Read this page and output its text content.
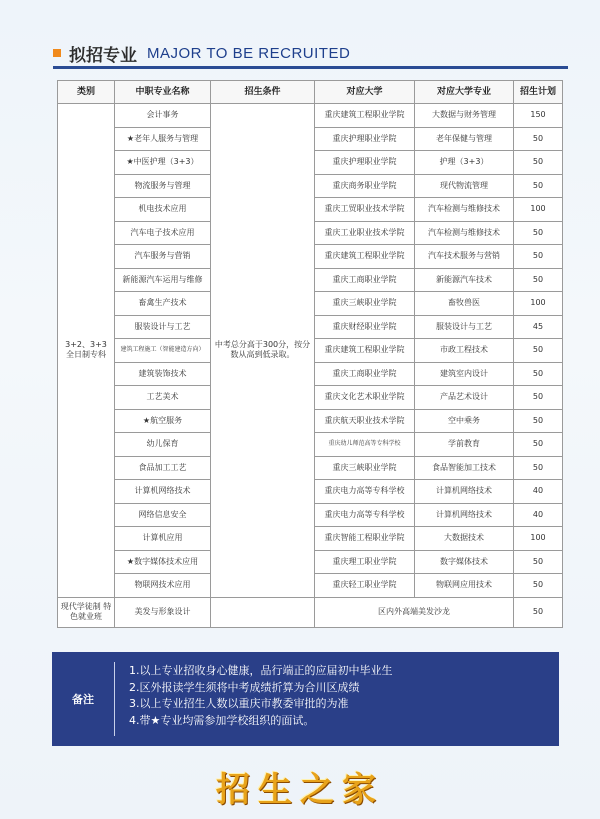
拟招专业 MAJOR TO BE RECRUITED
类别	中职专业名称	招生条件	对应大学	对应大学专业	招生计划
3+2、3+3 全日制专科	会计事务	中考总分高于300分，按分数从高到低录取。	重庆建筑工程职业学院	大数据与财务管理	150
	★老年人服务与管理		重庆护理职业学院	老年保健与管理	50
	★中医护理（3+3）		重庆护理职业学院	护理（3+3）	50
	物流服务与管理		重庆商务职业学院	现代物流管理	50
	机电技术应用		重庆工贸职业技术学院	汽车检测与维修技术	100
	汽车电子技术应用		重庆工业职业技术学院	汽车检测与维修技术	50
	汽车服务与营销		重庆建筑工程职业学院	汽车技术服务与营销	50
	新能源汽车运用与维修		重庆工商职业学院	新能源汽车技术	50
	畜禽生产技术		重庆三峡职业学院	畜牧兽医	100
	服装设计与工艺		重庆财经职业学院	服装设计与工艺	45
	建筑工程施工（智能建造方向）		重庆建筑工程职业学院	市政工程技术	50
	建筑装饰技术		重庆工商职业学院	建筑室内设计	50
	工艺美术		重庆文化艺术职业学院	产品艺术设计	50
	★航空服务		重庆航天职业技术学院	空中乘务	50
	幼儿保育		重庆幼儿师范高等专科学校	学前教育	50
	食品加工工艺		重庆三峡职业学院	食品智能加工技术	50
	计算机网络技术		重庆电力高等专科学校	计算机网络技术	40
	网络信息安全		重庆电力高等专科学校	计算机网络技术	40
	计算机应用		重庆智能工程职业学院	大数据技术	100
	★数字媒体技术应用		重庆理工职业学院	数字媒体技术	50
	物联网技术应用		重庆轻工职业学院	物联网应用技术	50
现代学徒制 特色就业班	美发与形象设计		区内外高端美发沙龙		50
备注
1.以上专业招收身心健康，品行端正的应届初中毕业生
2.区外报读学生须将中考成绩折算为合川区成绩
3.以上专业招生人数以重庆市教委审批的为准
4.带★专业均需参加学校组织的面试。
招生之家
